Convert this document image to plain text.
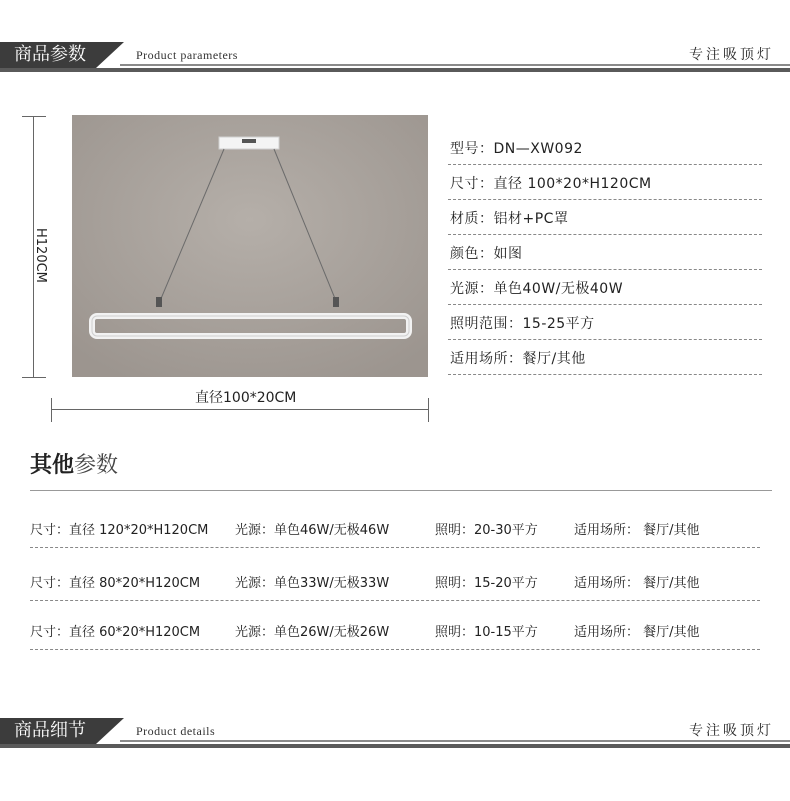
商品参数	Product parameters	专注吸顶灯
H120CM
直径100*20CM
型号：DN—XW092
尺寸：直径 100*20*H120CM
材质：铝材+PC罩
颜色：如图
光源：单色40W/无极40W
照明范围：15-25平方
适用场所：餐厅/其他
其他参数
尺寸：直径 120*20*H120CM 光源：单色46W/无极46W	照明：20-30平方	适用场所： 餐厅/其他
尺寸：直径 80*20*H120CM	光源：单色33W/无极33W	照明：15-20平方	适用场所： 餐厅/其他
尺寸：直径 60*20*H120CM	光源：单色26W/无极26W	照明：10-15平方	适用场所： 餐厅/其他
商品细节	Product details	专注吸顶灯
